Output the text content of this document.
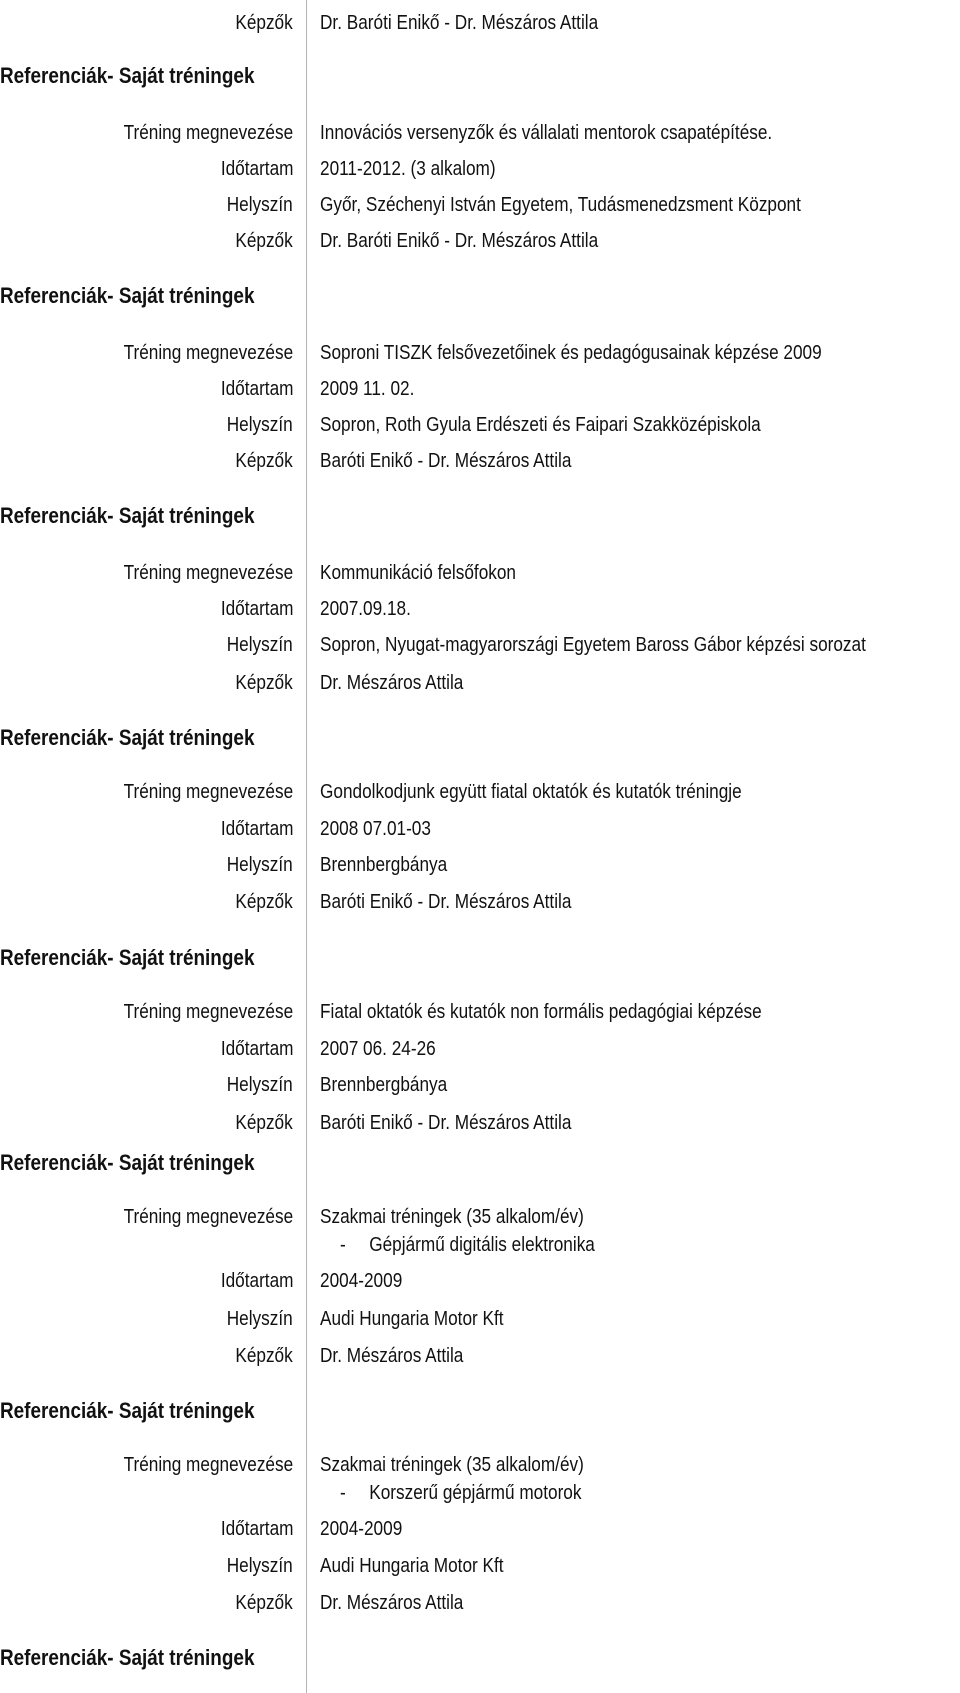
Képzők Dr. Baróti Enikő - Dr. Mészáros Attila
Referenciák- Saját tréningek
Tréning megnevezése Innovációs versenyzők és vállalati mentorok csapatépítése.
Időtartam 2011-2012. (3 alkalom)
Helyszín Győr, Széchenyi István Egyetem, Tudásmenedzsment Központ
Képzők Dr. Baróti Enikő - Dr. Mészáros Attila
Referenciák- Saját tréningek
Tréning megnevezése Soproni TISZK felsővezetőinek és pedagógusainak képzése 2009
Időtartam 2009 11. 02.
Helyszín Sopron, Roth Gyula Erdészeti és Faipari Szakközépiskola
Képzők Baróti Enikő - Dr. Mészáros Attila
Referenciák- Saját tréningek
Tréning megnevezése Kommunikáció felsőfokon
Időtartam 2007.09.18.
Helyszín Sopron, Nyugat-magyarországi Egyetem Baross Gábor képzési sorozat
Képzők Dr. Mészáros Attila
Referenciák- Saját tréningek
Tréning megnevezése Gondolkodjunk együtt fiatal oktatók és kutatók tréningje
Időtartam 2008 07.01-03
Helyszín Brennbergbánya
Képzők Baróti Enikő - Dr. Mészáros Attila
Referenciák- Saját tréningek
Tréning megnevezése Fiatal oktatók és kutatók non formális pedagógiai képzése
Időtartam 2007 06. 24-26
Helyszín Brennbergbánya
Képzők Baróti Enikő - Dr. Mészáros Attila
Referenciák- Saját tréningek
Tréning megnevezése Szakmai tréningek (35 alkalom/év)
- Gépjármű digitális elektronika
Időtartam 2004-2009
Helyszín Audi Hungaria Motor Kft
Képzők Dr. Mészáros Attila
Referenciák- Saját tréningek
Tréning megnevezése Szakmai tréningek (35 alkalom/év)
- Korszerű gépjármű motorok
Időtartam 2004-2009
Helyszín Audi Hungaria Motor Kft
Képzők Dr. Mészáros Attila
Referenciák- Saját tréningek
